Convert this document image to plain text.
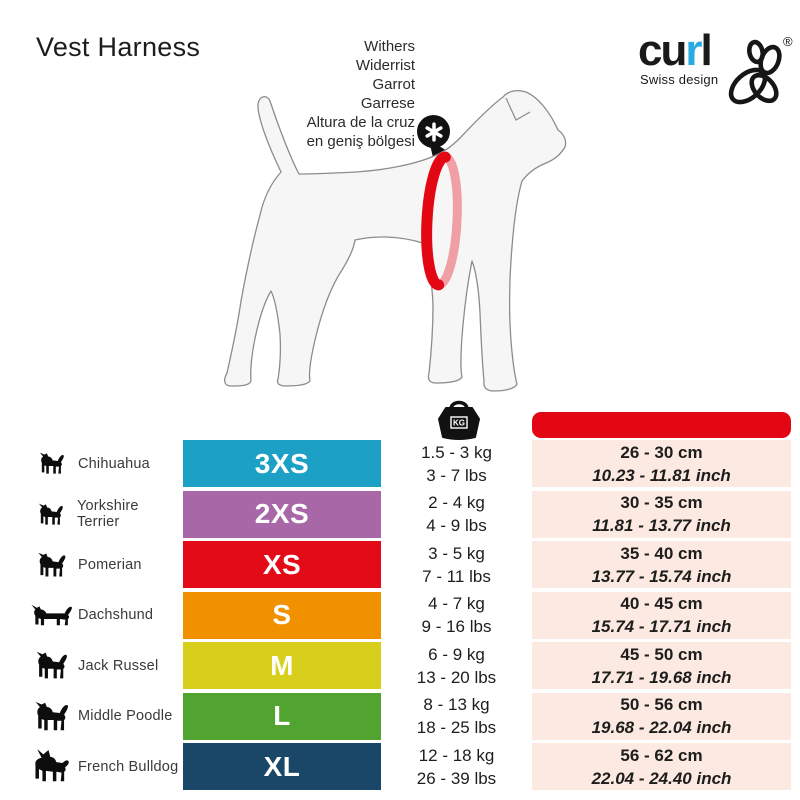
Vest Harness	Withers
Widerrist
Garrot
Garrese
Altura de la cruz
en geniş bölgesi
curl	®
Swiss design
KG
Chihuahua	3XS	1.5 - 3 kg
3 - 7 lbs
26 - 30 cm
10.23 - 11.81 inch
Yorkshire Terrier	2XS	2 - 4 kg
4 - 9 lbs
30 - 35 cm
11.81 - 13.77 inch
Pomerian	XS	3 - 5 kg
7 - 11 lbs
35 - 40 cm
13.77 - 15.74 inch
Dachshund	S	4 - 7 kg
9 - 16 lbs
40 - 45 cm
15.74 - 17.71 inch
Jack Russel	M	6 - 9 kg
13 - 20 lbs
45 - 50 cm
17.71 - 19.68 inch
Middle Poodle	L	8 - 13 kg
18 - 25 lbs
50 - 56 cm
19.68 - 22.04 inch
French Bulldog	XL	12 - 18 kg
26 - 39 lbs
56 - 62 cm
22.04 - 24.40 inch
